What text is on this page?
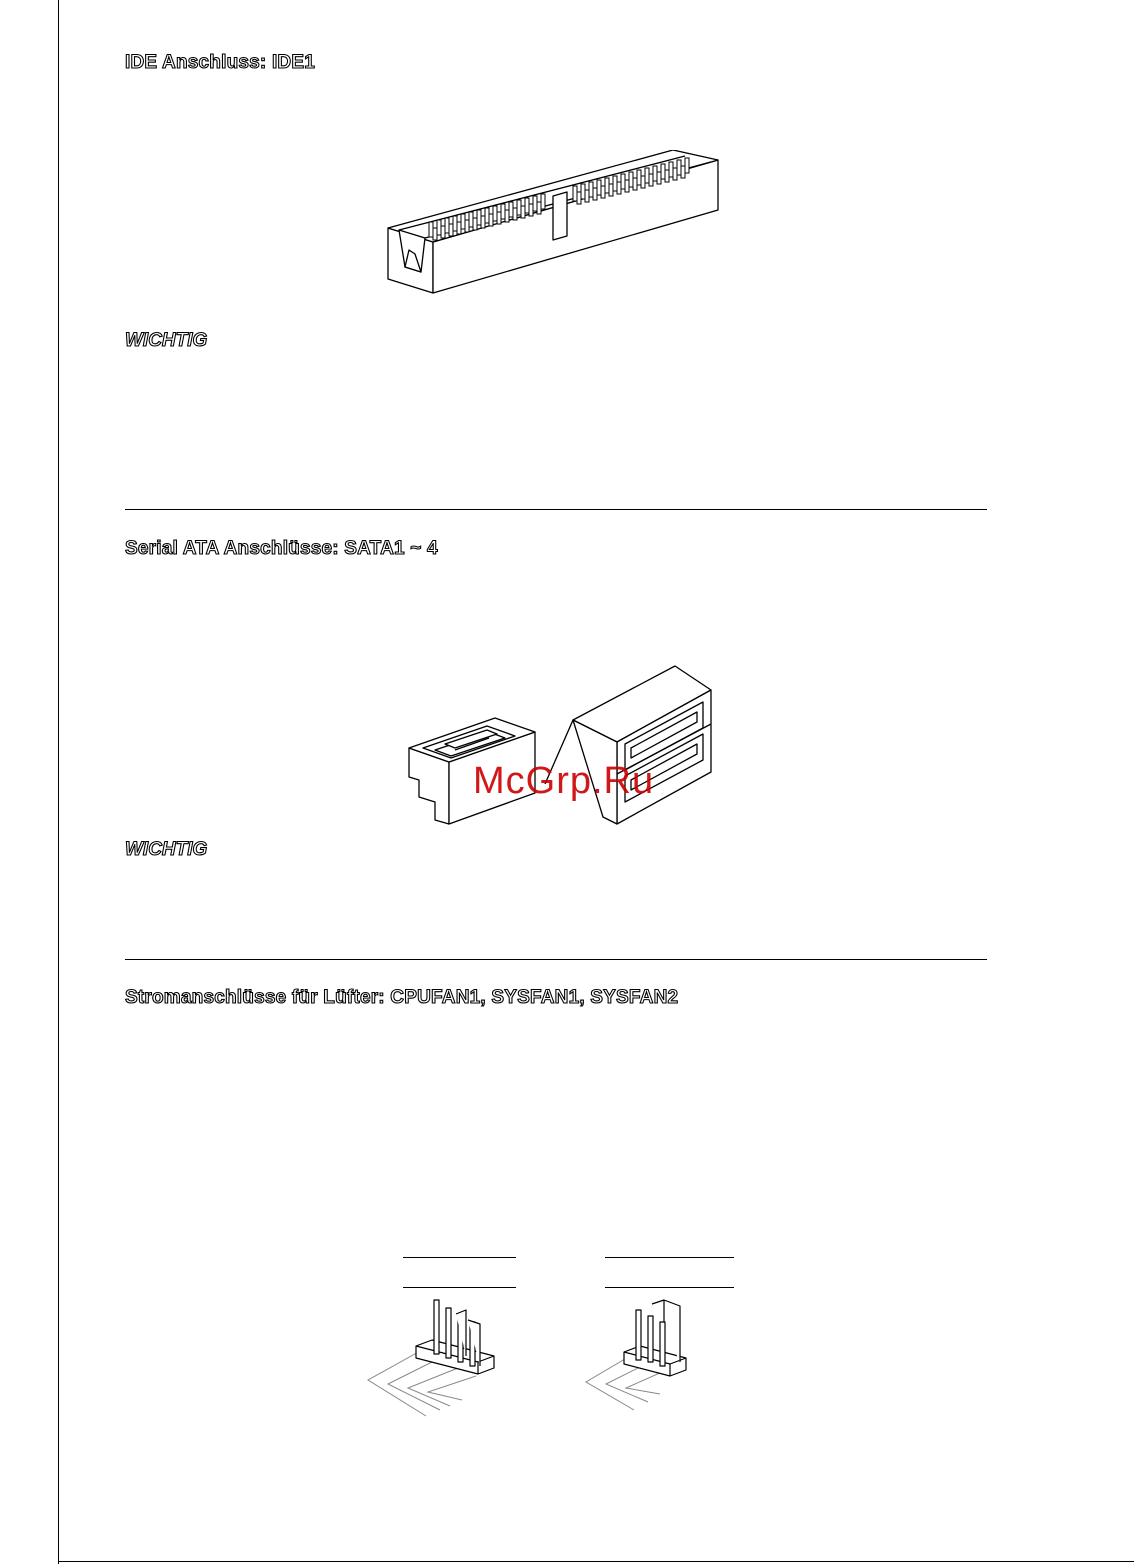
IDE Anschluss: IDE1

WICHTIG

Serial ATA Anschlüsse: SATA1 ~ 4
McGrp.Ru

WICHTIG

Stromanschlüsse für Lüfter: CPUFAN1, SYSFAN1, SYSFAN2
